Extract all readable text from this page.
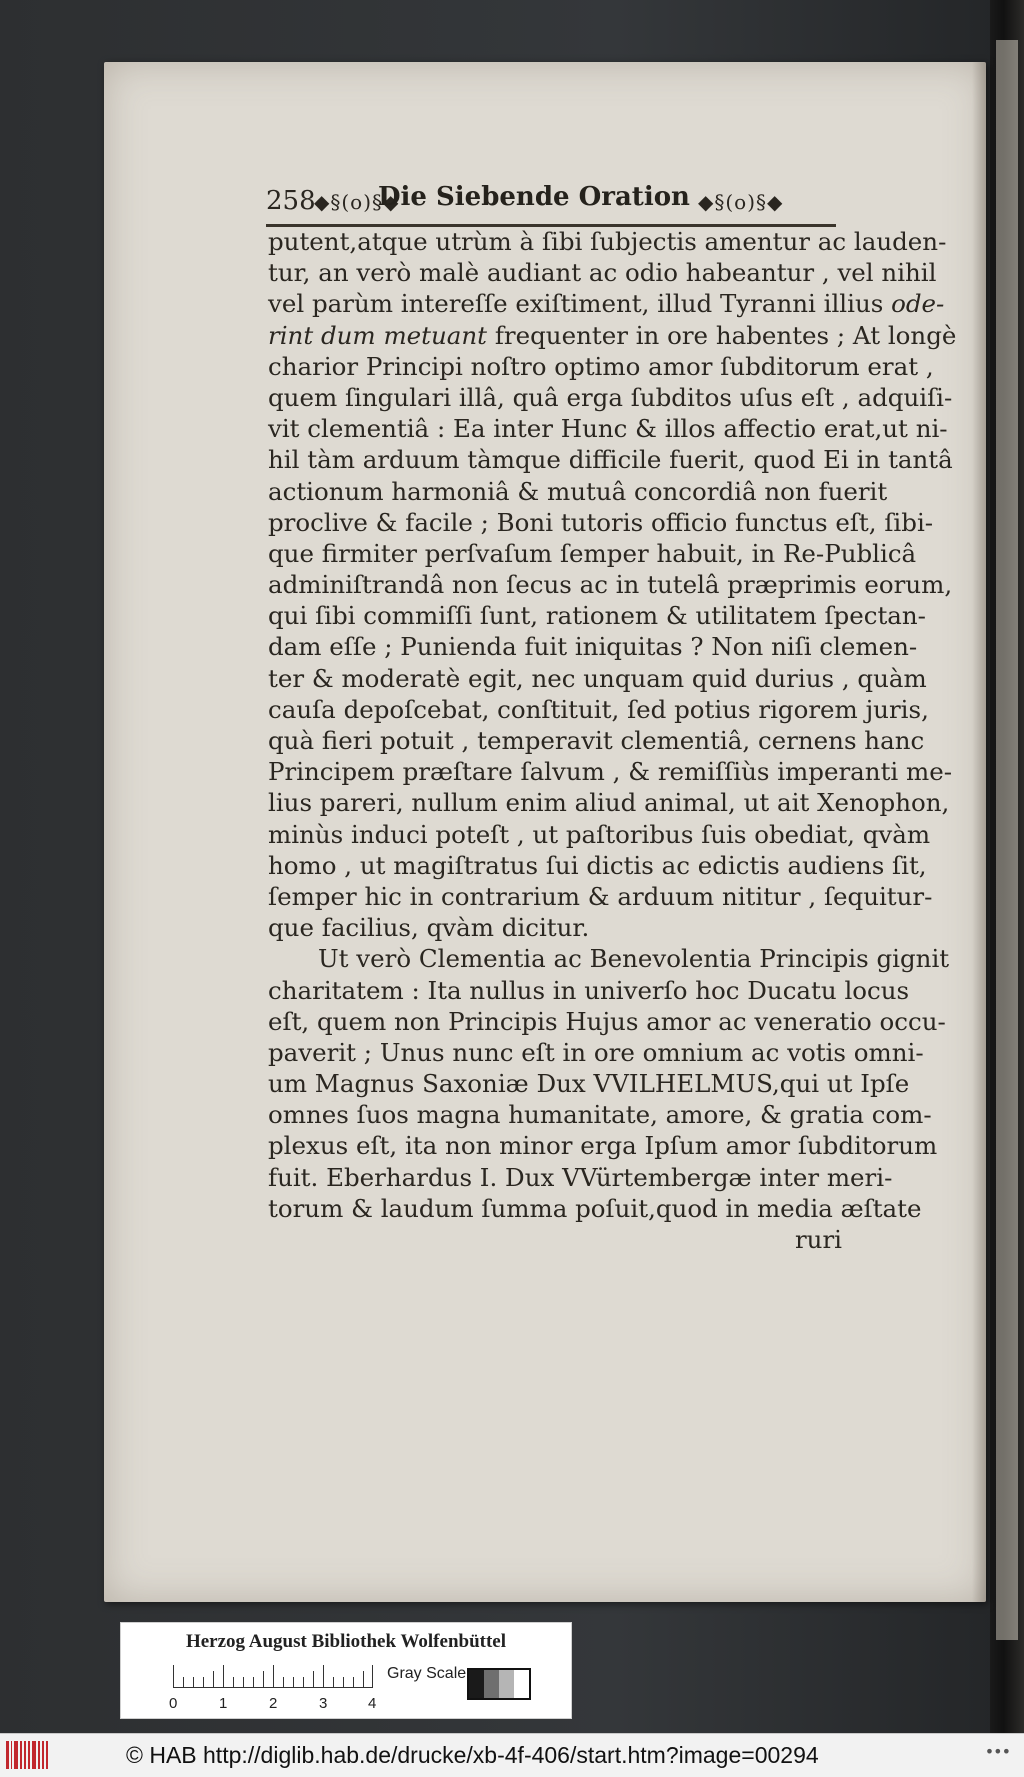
258
◆§(o)§◆
Die Siebende Oration ◆§(o)§◆
putent,atque utrùm à ſibi ſubjectis amentur ac lauden-
tur, an verò malè audiant ac odio habeantur , vel nihil
vel parùm intereſſe exiſtiment, illud Tyranni illius ode-
rint dum metuant frequenter in ore habentes ; At longè
charior Principi noſtro optimo amor ſubditorum erat ,
quem ſingulari illâ, quâ erga ſubditos uſus eſt , adquiſi-
vit clementiâ : Ea inter Hunc & illos affectio erat,ut ni-
hil tàm arduum tàmque difficile fuerit, quod Ei in tantâ
actionum harmoniâ & mutuâ concordiâ non fuerit
proclive & facile ; Boni tutoris officio functus eſt, ſibi-
que firmiter perſvaſum ſemper habuit, in Re-Publicâ
adminiſtrandâ non ſecus ac in tutelâ præprimis eorum,
qui ſibi commiſſi ſunt, rationem & utilitatem ſpectan-
dam eſſe ; Punienda fuit iniquitas ? Non niſi clemen-
ter & moderatè egit, nec unquam quid durius , quàm
cauſa depoſcebat, conſtituit, ſed potius rigorem juris,
quà fieri potuit , temperavit clementiâ, cernens hanc
Principem præſtare ſalvum , & remiſſiùs imperanti me-
lius pareri, nullum enim aliud animal, ut ait Xenophon,
minùs induci poteſt , ut paſtoribus ſuis obediat, qvàm
homo , ut magiſtratus ſui dictis ac edictis audiens ſit,
ſemper hic in contrarium & arduum nititur , ſequitur-
que facilius, qvàm dicitur.
Ut verò Clementia ac Benevolentia Principis gignit
charitatem : Ita nullus in univerſo hoc Ducatu locus
eſt, quem non Principis Hujus amor ac veneratio occu-
paverit ; Unus nunc eſt in ore omnium ac votis omni-
um Magnus Saxoniæ Dux VVILHELMUS,qui ut Ipſe
omnes ſuos magna humanitate, amore, & gratia com-
plexus eſt, ita non minor erga Ipſum amor ſubditorum
fuit. Eberhardus I. Dux VVürtembergæ inter meri-
torum & laudum ſumma poſuit,quod in media æſtate
ruri
Herzog August Bibliothek Wolfenbüttel
0	1	2	3	4
Gray Scale
© HAB http://diglib.hab.de/drucke/xb-4f-406/start.htm?image=00294	•••
